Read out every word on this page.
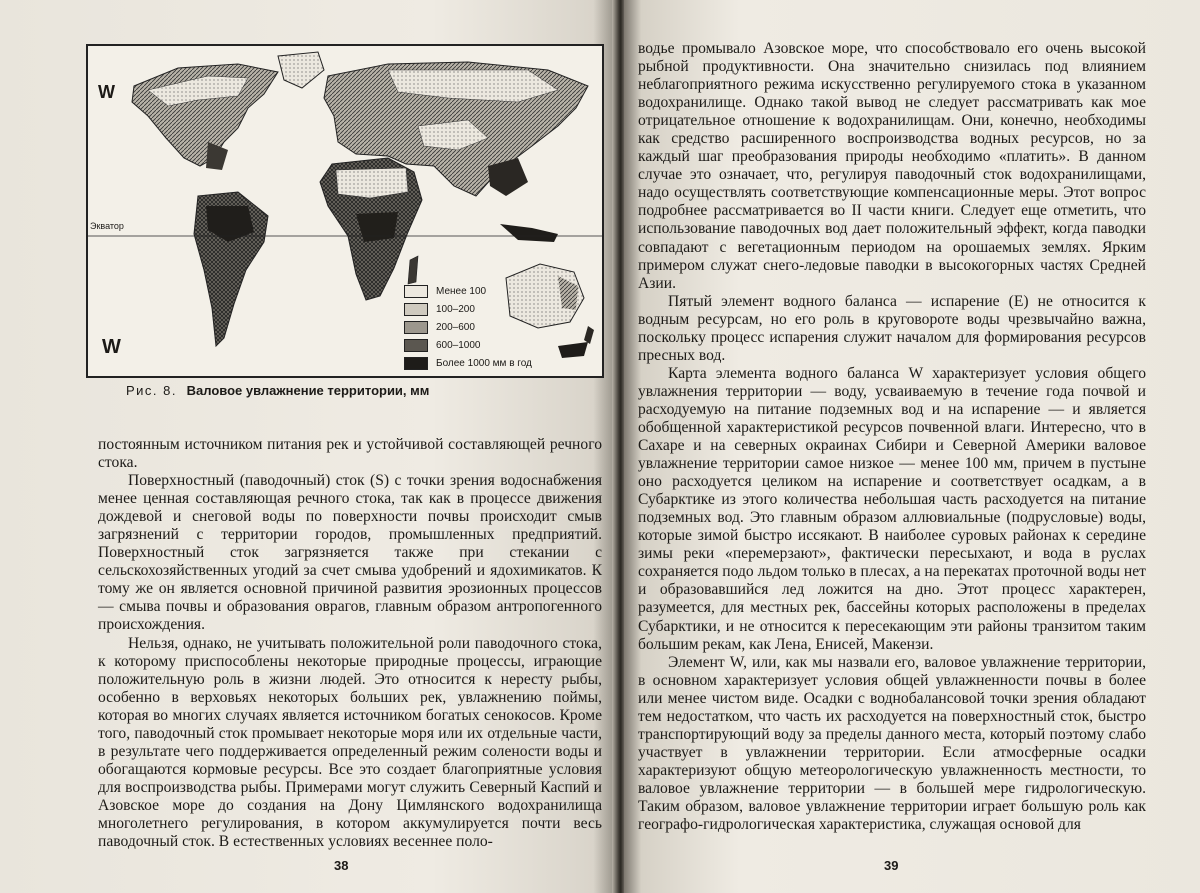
W
Экватор
W
Менее 100
100–200
200–600
600–1000
Более 1000 мм в год
Рис. 8. Валовое увлажнение территории, мм

постоянным источником питания рек и устойчивой составляющей речного стока.

Поверхностный (паводочный) сток (S) с точки зрения водоснабжения менее ценная составляющая речного стока, так как в процессе движения дождевой и снеговой воды по поверхности почвы происходит смыв загрязнений с территории городов, промышленных предприятий. Поверхностный сток загрязняется также при стекании с сельскохозяйственных угодий за счет смыва удобрений и ядохимикатов. К тому же он является основной причиной развития эрозионных процессов — смыва почвы и образования оврагов, главным образом антропогенного происхождения.

Нельзя, однако, не учитывать положительной роли паводочного стока, к которому приспособлены некоторые природные процессы, играющие положительную роль в жизни людей. Это относится к нересту рыбы, особенно в верховьях некоторых больших рек, увлажнению поймы, которая во многих случаях является источником богатых сенокосов. Кроме того, паводочный сток промывает некоторые моря или их отдельные части, в результате чего поддерживается определенный режим солености воды и обогащаются кормовые ресурсы. Все это создает благоприятные условия для воспроизводства рыбы. Примерами могут служить Северный Каспий и Азовское море до создания на Дону Цимлянского водохранилища многолетнего регулирования, в котором аккумулируется почти весь паводочный сток. В естественных условиях весеннее поло-

38	39

водье промывало Азовское море, что способствовало его очень высокой рыбной продуктивности. Она значительно снизилась под влиянием неблагоприятного режима искусственно регулируемого стока в указанном водохранилище. Однако такой вывод не следует рассматривать как мое отрицательное отношение к водохранилищам. Они, конечно, необходимы как средство расширенного воспроизводства водных ресурсов, но за каждый шаг преобразования природы необходимо «платить». В данном случае это означает, что, регулируя паводочный сток водохранилищами, надо осуществлять соответствующие компенсационные меры. Этот вопрос подробнее рассматривается во II части книги. Следует еще отметить, что использование паводочных вод дает положительный эффект, когда паводки совпадают с вегетационным периодом на орошаемых землях. Ярким примером служат снего-ледовые паводки в высокогорных частях Средней Азии.

Пятый элемент водного баланса — испарение (E) не относится к водным ресурсам, но его роль в круговороте воды чрезвычайно важна, поскольку процесс испарения служит началом для формирования ресурсов пресных вод.

Карта элемента водного баланса W характеризует условия общего увлажнения территории — воду, усваиваемую в течение года почвой и расходуемую на питание подземных вод и на испарение — и является обобщенной характеристикой ресурсов почвенной влаги. Интересно, что в Сахаре и на северных окраинах Сибири и Северной Америки валовое увлажнение территории самое низкое — менее 100 мм, причем в пустыне оно расходуется целиком на испарение и соответствует осадкам, а в Субарктике из этого количества небольшая часть расходуется на питание подземных вод. Это главным образом аллювиальные (подрусловые) воды, которые зимой быстро иссякают. В наиболее суровых районах к середине зимы реки «перемерзают», фактически пересыхают, и вода в руслах сохраняется подо льдом только в плесах, а на перекатах проточной воды нет и образовавшийся лед ложится на дно. Этот процесс характерен, разумеется, для местных рек, бассейны которых расположены в пределах Субарктики, и не относится к пересекающим эти районы транзитом таким большим рекам, как Лена, Енисей, Макензи.

Элемент W, или, как мы назвали его, валовое увлажнение территории, в основном характеризует условия общей увлажненности почвы в более или менее чистом виде. Осадки с воднобалансовой точки зрения обладают тем недостатком, что часть их расходуется на поверхностный сток, быстро транспортирующий воду за пределы данного места, который поэтому слабо участвует в увлажнении территории. Если атмосферные осадки характеризуют общую метеорологическую увлажненность местности, то валовое увлажнение территории — в большей мере гидрологическую. Таким образом, валовое увлажнение территории играет большую роль как географо-гидрологическая характеристика, служащая основой для
